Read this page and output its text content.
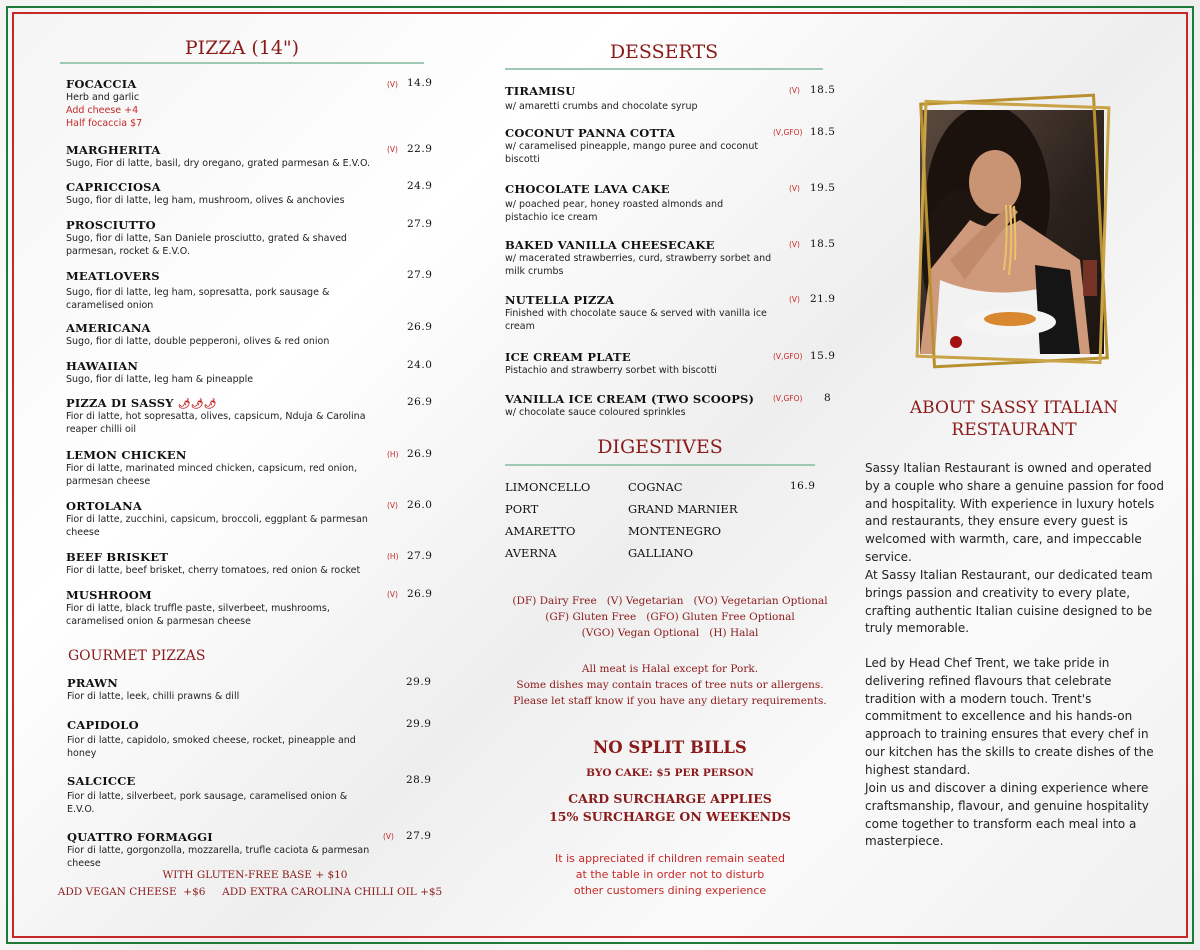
PIZZA (14")
FOCACCIA
Herb and garlic
Add cheese +4
Half focaccia $7
(V) 14.9
MARGHERITA
Sugo, Fior di latte, basil, dry oregano, grated parmesan & E.V.O.
(V) 22.9
CAPRICCIOSA
Sugo, fior di latte, leg ham, mushroom, olives & anchovies
24.9
PROSCIUTTO
Sugo, fior di latte, San Daniele prosciutto, grated & shaved parmesan, rocket & E.V.O.
27.9
MEATLOVERS
Sugo, fior di latte, leg ham, sopresatta, pork sausage & caramelised onion
27.9
AMERICANA
Sugo, fior di latte, double pepperoni, olives & red onion
26.9
HAWAIIAN
Sugo, fior di latte, leg ham & pineapple
24.0
PIZZA DI SASSY 🌶🌶🌶
Fior di latte, hot sopresatta, olives, capsicum, Nduja & Carolina reaper chilli oil
26.9
LEMON CHICKEN
Fior di latte, marinated minced chicken, capsicum, red onion, parmesan cheese
(H) 26.9
ORTOLANA
Fior di latte, zucchini, capsicum, broccoli, eggplant & parmesan cheese
(V) 26.0
BEEF BRISKET
Fior di latte, beef brisket, cherry tomatoes, red onion & rocket
(H) 27.9
MUSHROOM
Fior di latte, black truffle paste, silverbeet, mushrooms, caramelised onion & parmesan cheese
(V) 26.9
GOURMET PIZZAS
PRAWN
Fior di latte, leek, chilli prawns & dill
29.9
CAPIDOLO
Fior di latte, capidolo, smoked cheese, rocket, pineapple and honey
29.9
SALCICCE
Fior di latte, silverbeet, pork sausage, caramelised onion & E.V.O.
28.9
QUATTRO FORMAGGI
Fior di latte, gorgonzolla, mozzarella, trufle caciota & parmesan cheese
(V) 27.9
WITH GLUTEN-FREE BASE + $10
ADD VEGAN CHEESE  +$6     ADD EXTRA CAROLINA CHILLI OIL +$5
DESSERTS
TIRAMISU
w/ amaretti crumbs and chocolate syrup
(V) 18.5
COCONUT PANNA COTTA
w/ caramelised pineapple, mango puree and coconut biscotti
(V,GFO) 18.5
CHOCOLATE LAVA CAKE
w/ poached pear, honey roasted almonds and pistachio ice cream
(V) 19.5
BAKED VANILLA CHEESECAKE
w/ macerated strawberries, curd, strawberry sorbet and milk crumbs
(V) 18.5
NUTELLA PIZZA
Finished with chocolate sauce & served with vanilla ice cream
(V) 21.9
ICE CREAM PLATE
Pistachio and strawberry sorbet with biscotti
(V,GFO) 15.9
VANILLA ICE CREAM (TWO SCOOPS)
w/ chocolate sauce coloured sprinkles
(V,GFO) 8
DIGESTIVES
LIMONCELLO
PORT
AMARETTO
AVERNA
COGNAC
GRAND MARNIER
MONTENEGRO
GALLIANO
16.9
(DF) Dairy Free   (V) Vegetarian   (VO) Vegetarian Optional
(GF) Gluten Free   (GFO) Gluten Free Optional
(VGO) Vegan Optional   (H) Halal
All meat is Halal except for Pork.
Some dishes may contain traces of tree nuts or allergens.
Please let staff know if you have any dietary requirements.
NO SPLIT BILLS
BYO CAKE: $5 PER PERSON
CARD SURCHARGE APPLIES
15% SURCHARGE ON WEEKENDS
It is appreciated if children remain seated
at the table in order not to disturb
other customers dining experience
ABOUT SASSY ITALIAN
RESTAURANT
Sassy Italian Restaurant is owned and operated by a couple who share a genuine passion for food and hospitality. With experience in luxury hotels and restaurants, they ensure every guest is welcomed with warmth, care, and impeccable service.
At Sassy Italian Restaurant, our dedicated team brings passion and creativity to every plate, crafting authentic Italian cuisine designed to be truly memorable.
Led by Head Chef Trent, we take pride in delivering refined flavours that celebrate tradition with a modern touch. Trent's commitment to excellence and his hands-on approach to training ensures that every chef in our kitchen has the skills to create dishes of the highest standard.
Join us and discover a dining experience where craftsmanship, flavour, and genuine hospitality come together to transform each meal into a masterpiece.
